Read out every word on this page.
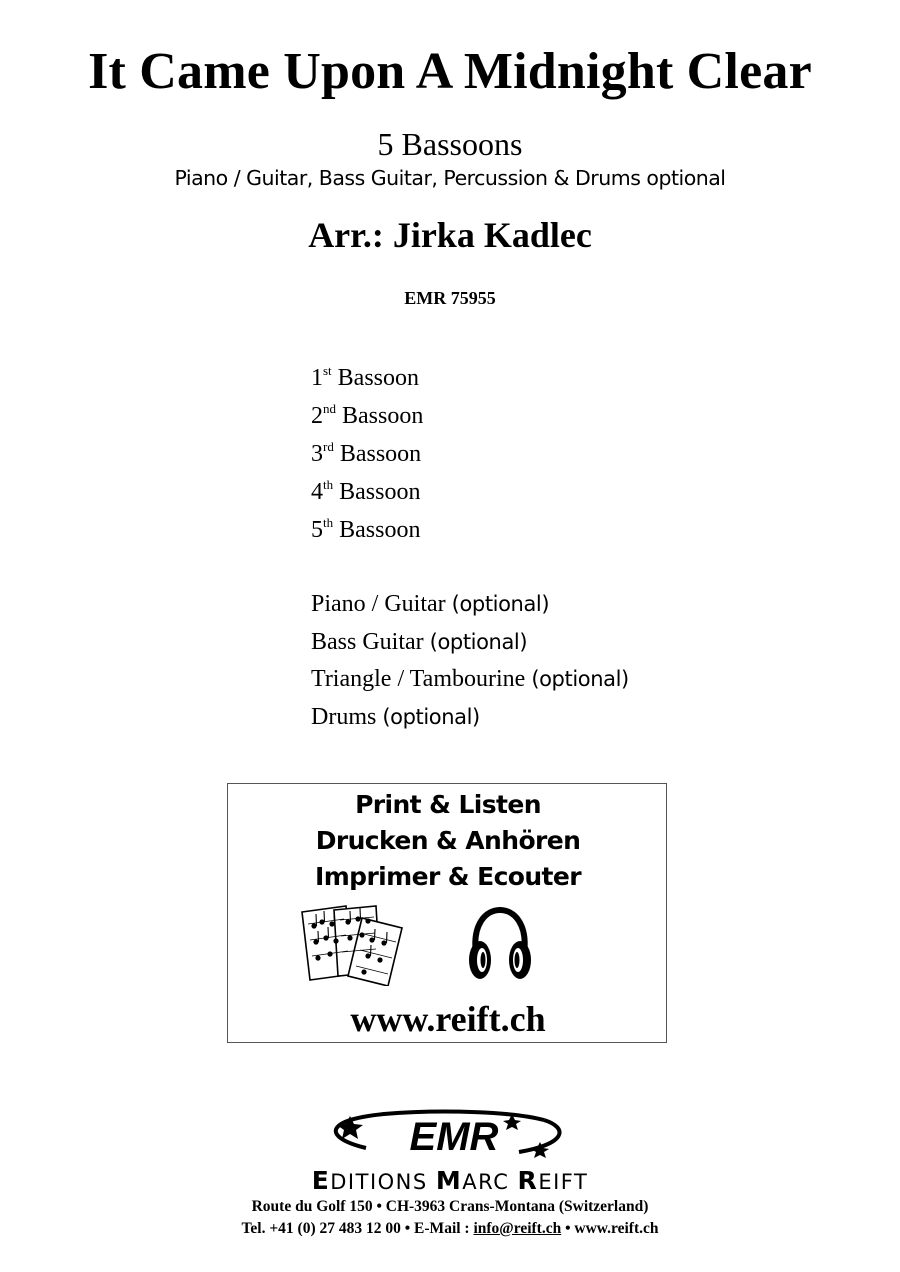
It Came Upon A Midnight Clear
5 Bassoons
Piano / Guitar, Bass Guitar, Percussion & Drums optional
Arr.: Jirka Kadlec
EMR 75955
1st Bassoon
2nd Bassoon
3rd Bassoon
4th Bassoon
5th Bassoon
Piano / Guitar (optional)
Bass Guitar (optional)
Triangle / Tambourine (optional)
Drums (optional)
Print & Listen
Drucken & Anhören
Imprimer & Ecouter
www.reift.ch
EMR
EDITIONS MARC REIFT
Route du Golf 150 • CH-3963 Crans-Montana (Switzerland)
Tel. +41 (0) 27 483 12 00 • E-Mail : info@reift.ch • www.reift.ch
